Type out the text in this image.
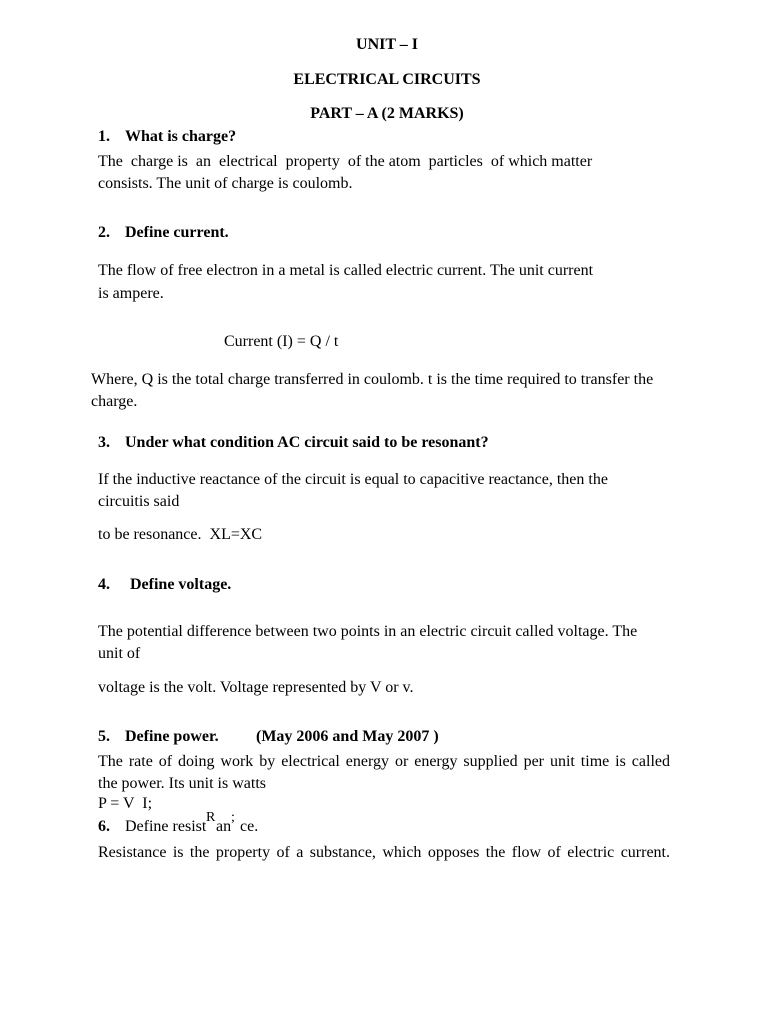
UNIT – I
ELECTRICAL CIRCUITS
PART – A (2 MARKS)
1. What is charge?
The  charge is  an  electrical  property  of the atom  particles  of which matter
consists. The unit of charge is coulomb.
2. Define current.
The flow of free electron in a metal is called electric current. The unit current
is ampere.
Current (I) = Q / t
Where, Q is the total charge transferred in coulomb. t is the time required to transfer the
charge.
3. Under what condition AC circuit said to be resonant?
If the inductive reactance of the circuit is equal to capacitive reactance, then the
circuitis said
to be resonance.  XL=XC
4. Define voltage.
The potential difference between two points in an electric circuit called voltage. The
unit of
voltage is the volt. Voltage represented by V or v.
5. Define power. (May 2006 and May 2007 )
The rate of doing work by electrical energy or energy supplied per unit time is called
the power. Its unit is watts
P = V  I;
6. Define resist
R
an
;
ce.
Resistance is the property of a substance, which opposes the flow of electric current.
